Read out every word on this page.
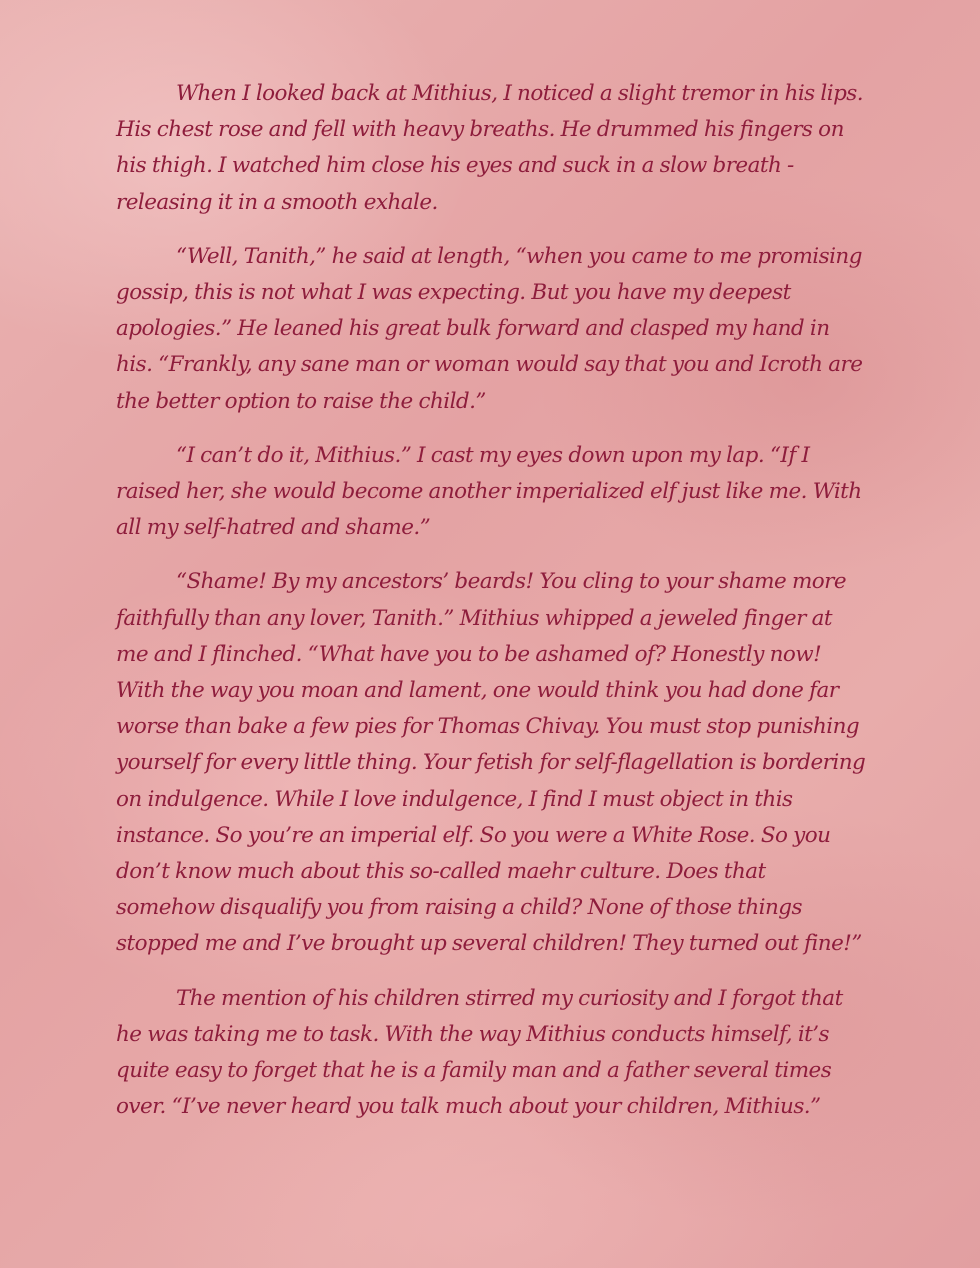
When I looked back at Mithius, I noticed a slight tremor in his lips. His chest rose and fell with heavy breaths. He drummed his fingers on his thigh. I watched him close his eyes and suck in a slow breath - releasing it in a smooth exhale.

“Well, Tanith,” he said at length, “when you came to me promising gossip, this is not what I was expecting. But you have my deepest apologies.” He leaned his great bulk forward and clasped my hand in his. “Frankly, any sane man or woman would say that you and Icroth are the better option to raise the child.”

“I can’t do it, Mithius.” I cast my eyes down upon my lap. “If I raised her, she would become another imperialized elf just like me. With all my self-hatred and shame.”

“Shame! By my ancestors’ beards! You cling to your shame more faithfully than any lover, Tanith.” Mithius whipped a jeweled finger at me and I flinched. “What have you to be ashamed of? Honestly now! With the way you moan and lament, one would think you had done far worse than bake a few pies for Thomas Chivay. You must stop punishing yourself for every little thing. Your fetish for self-flagellation is bordering on indulgence. While I love indulgence, I find I must object in this instance. So you’re an imperial elf. So you were a White Rose. So you don’t know much about this so-called maehr culture. Does that somehow disqualify you from raising a child? None of those things stopped me and I’ve brought up several children! They turned out fine!”

The mention of his children stirred my curiosity and I forgot that he was taking me to task. With the way Mithius conducts himself, it’s quite easy to forget that he is a family man and a father several times over. “I’ve never heard you talk much about your children, Mithius.”
